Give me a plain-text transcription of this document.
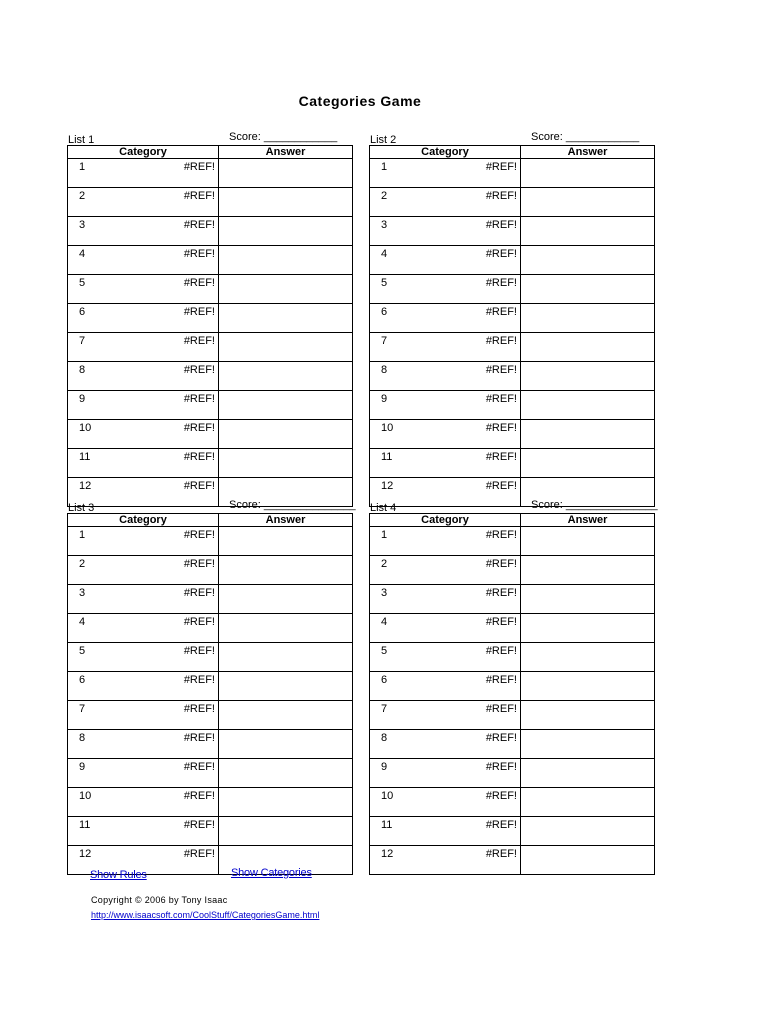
Categories Game
List 1	Score: ____________
Category		Answer
1	#REF!	
2	#REF!	
3	#REF!	
4	#REF!	
5	#REF!	
6	#REF!	
7	#REF!	
8	#REF!	
9	#REF!	
10	#REF!	
11	#REF!	
12	#REF!	
List 2	Score: ____________
Category		Answer
1	#REF!	
2	#REF!	
3	#REF!	
4	#REF!	
5	#REF!	
6	#REF!	
7	#REF!	
8	#REF!	
9	#REF!	
10	#REF!	
11	#REF!	
12	#REF!	
List 3	Score: _______________
Category		Answer
1	#REF!	
2	#REF!	
3	#REF!	
4	#REF!	
5	#REF!	
6	#REF!	
7	#REF!	
8	#REF!	
9	#REF!	
10	#REF!	
11	#REF!	
12	#REF!	
List 4	Score: _______________
Category		Answer
1	#REF!	
2	#REF!	
3	#REF!	
4	#REF!	
5	#REF!	
6	#REF!	
7	#REF!	
8	#REF!	
9	#REF!	
10	#REF!	
11	#REF!	
12	#REF!	
Show Rules	Show Categories
Copyright © 2006 by Tony Isaac
http://www.isaacsoft.com/CoolStuff/CategoriesGame.html
